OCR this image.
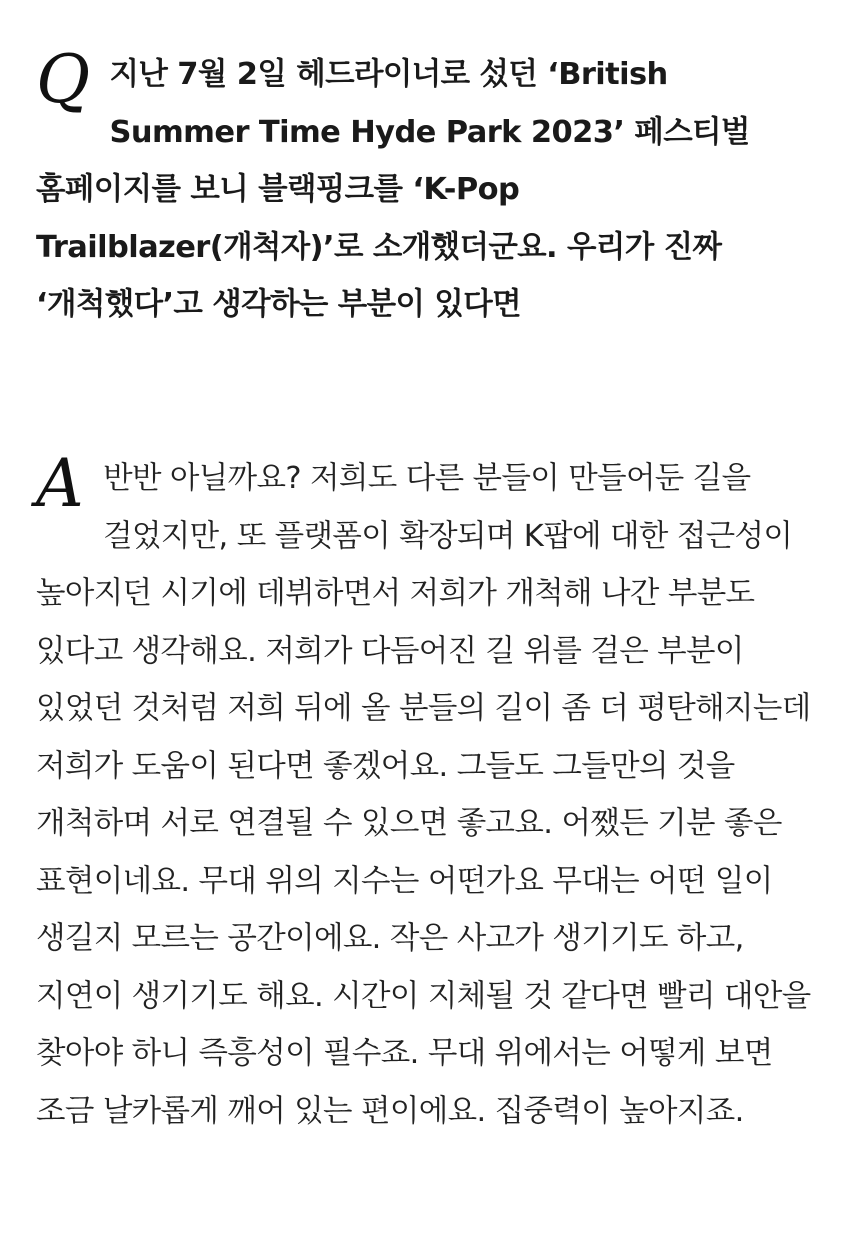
Q 지난 7월 2일 헤드라이너로 섰던 ‘British Summer Time Hyde Park 2023’ 페스티벌 홈페이지를 보니 블랙핑크를 ‘K-Pop Trailblazer(개척자)’로 소개했더군요. 우리가 진짜 ‘개척했다’고 생각하는 부분이 있다면
A 반반 아닐까요? 저희도 다른 분들이 만들어둔 길을 걸었지만, 또 플랫폼이 확장되며 K팝에 대한 접근성이 높아지던 시기에 데뷔하면서 저희가 개척해 나간 부분도 있다고 생각해요. 저희가 다듬어진 길 위를 걸은 부분이 있었던 것처럼 저희 뒤에 올 분들의 길이 좀 더 평탄해지는데 저희가 도움이 된다면 좋겠어요. 그들도 그들만의 것을 개척하며 서로 연결될 수 있으면 좋고요. 어쨌든 기분 좋은 표현이네요. 무대 위의 지수는 어떤가요 무대는 어떤 일이 생길지 모르는 공간이에요. 작은 사고가 생기기도 하고, 지연이 생기기도 해요. 시간이 지체될 것 같다면 빨리 대안을 찾아야 하니 즉흥성이 필수죠. 무대 위에서는 어떻게 보면 조금 날카롭게 깨어 있는 편이에요. 집중력이 높아지죠.
